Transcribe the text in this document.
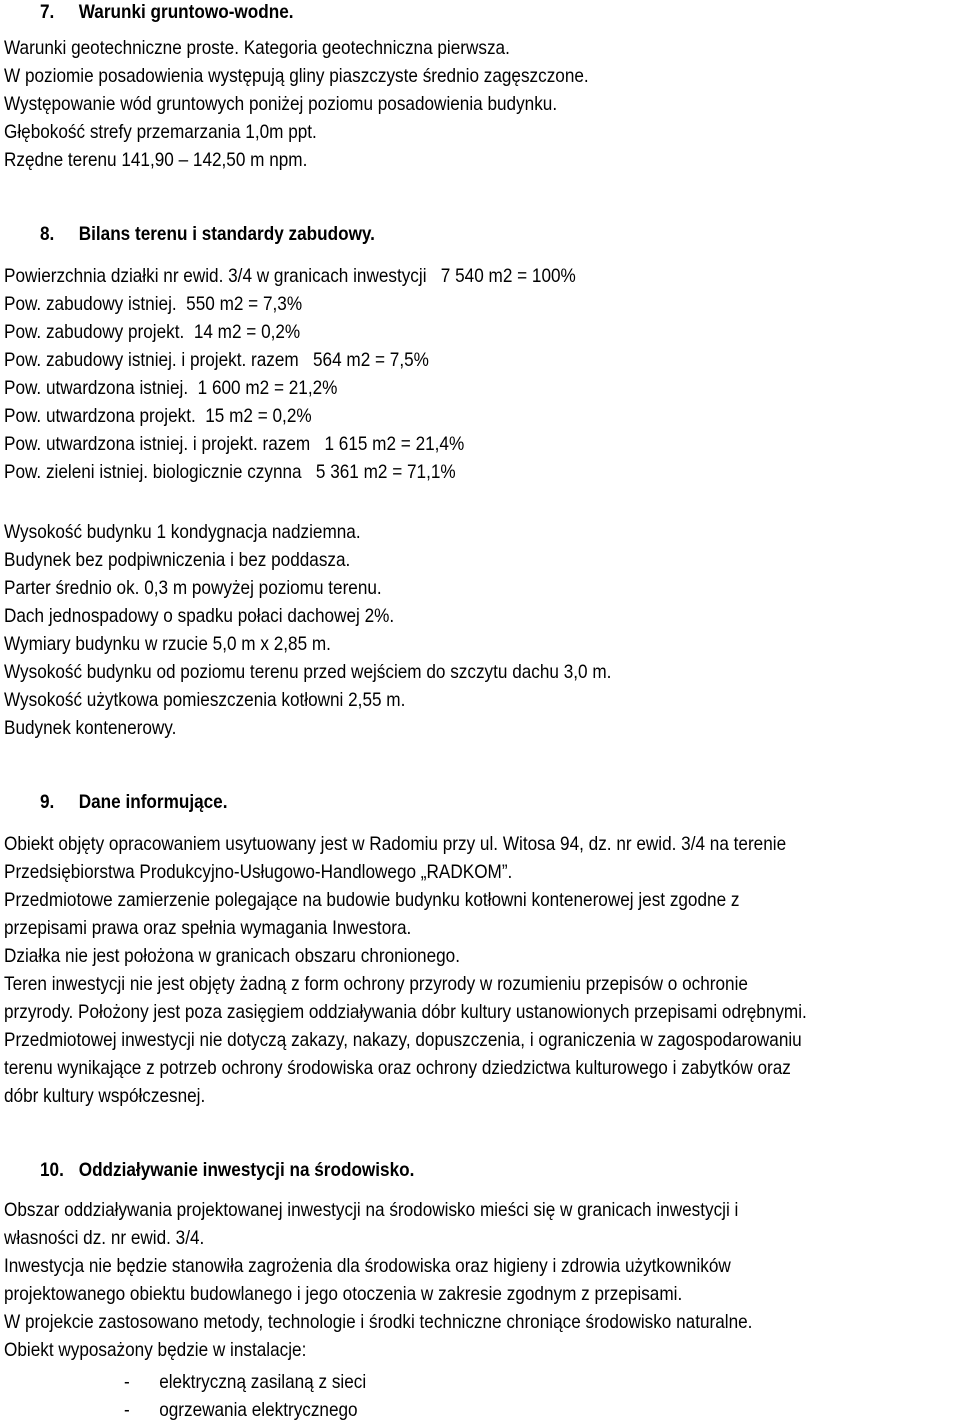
7. Warunki gruntowo-wodne.
Warunki geotechniczne proste. Kategoria geotechniczna pierwsza.
W poziomie posadowienia występują gliny piaszczyste średnio zagęszczone.
Występowanie wód gruntowych poniżej poziomu posadowienia budynku.
Głębokość strefy przemarzania 1,0m ppt.
Rzędne terenu 141,90 – 142,50 m npm.
8. Bilans terenu i standardy zabudowy.
Powierzchnia działki nr ewid. 3/4 w granicach inwestycji   7 540 m2 = 100%
Pow. zabudowy istniej.  550 m2 = 7,3%
Pow. zabudowy projekt.  14 m2 = 0,2%
Pow. zabudowy istniej. i projekt. razem   564 m2 = 7,5%
Pow. utwardzona istniej.  1 600 m2 = 21,2%
Pow. utwardzona projekt.  15 m2 = 0,2%
Pow. utwardzona istniej. i projekt. razem   1 615 m2 = 21,4%
Pow. zieleni istniej. biologicznie czynna   5 361 m2 = 71,1%
Wysokość budynku 1 kondygnacja nadziemna.
Budynek bez podpiwniczenia i bez poddasza.
Parter średnio ok. 0,3 m powyżej poziomu terenu.
Dach jednospadowy o spadku połaci dachowej 2%.
Wymiary budynku w rzucie 5,0 m x 2,85 m.
Wysokość budynku od poziomu terenu przed wejściem do szczytu dachu 3,0 m.
Wysokość użytkowa pomieszczenia kotłowni 2,55 m.
Budynek kontenerowy.
9. Dane informujące.
Obiekt objęty opracowaniem usytuowany jest w Radomiu przy ul. Witosa 94, dz. nr ewid. 3/4 na terenie
Przedsiębiorstwa Produkcyjno-Usługowo-Handlowego „RADKOM”.
Przedmiotowe zamierzenie polegające na budowie budynku kotłowni kontenerowej jest zgodne z
przepisami prawa oraz spełnia wymagania Inwestora.
Działka nie jest położona w granicach obszaru chronionego.
Teren inwestycji nie jest objęty żadną z form ochrony przyrody w rozumieniu przepisów o ochronie
przyrody. Położony jest poza zasięgiem oddziaływania dóbr kultury ustanowionych przepisami odrębnymi.
Przedmiotowej inwestycji nie dotyczą zakazy, nakazy, dopuszczenia, i ograniczenia w zagospodarowaniu
terenu wynikające z potrzeb ochrony środowiska oraz ochrony dziedzictwa kulturowego i zabytków oraz
dóbr kultury współczesnej.
10. Oddziaływanie inwestycji na środowisko.
Obszar oddziaływania projektowanej inwestycji na środowisko mieści się w granicach inwestycji i
własności dz. nr ewid. 3/4.
Inwestycja nie będzie stanowiła zagrożenia dla środowiska oraz higieny i zdrowia użytkowników
projektowanego obiektu budowlanego i jego otoczenia w zakresie zgodnym z przepisami.
W projekcie zastosowano metody, technologie i środki techniczne chroniące środowisko naturalne.
Obiekt wyposażony będzie w instalacje:
- elektryczną zasilaną z sieci
- ogrzewania elektrycznego
